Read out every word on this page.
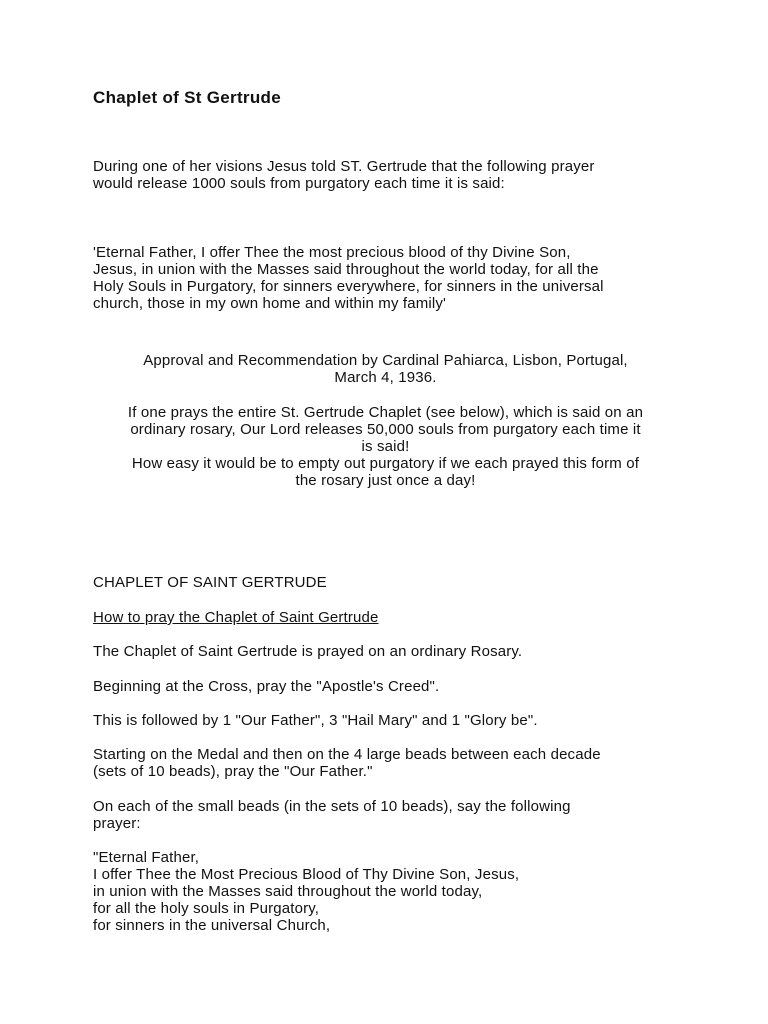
Chaplet of St Gertrude
During one of her visions Jesus told ST. Gertrude that the following prayer
would release 1000 souls from purgatory each time it is said:
'Eternal Father, I offer Thee the most precious blood of thy Divine Son,
Jesus, in union with the Masses said throughout the world today, for all the
Holy Souls in Purgatory, for sinners everywhere, for sinners in the universal
church, those in my own home and within my family'
Approval and Recommendation by Cardinal Pahiarca, Lisbon, Portugal,
March 4, 1936.
If one prays the entire St. Gertrude Chaplet (see below), which is said on an
ordinary rosary, Our Lord releases 50,000 souls from purgatory each time it
is said!
How easy it would be to empty out purgatory if we each prayed this form of
the rosary just once a day!
CHAPLET OF SAINT GERTRUDE
How to pray the Chaplet of Saint Gertrude
The Chaplet of Saint Gertrude is prayed on an ordinary Rosary.
Beginning at the Cross, pray the "Apostle's Creed".
This is followed by 1 "Our Father", 3 "Hail Mary" and 1 "Glory be".
Starting on the Medal and then on the 4 large beads between each decade
(sets of 10 beads), pray the "Our Father."
On each of the small beads (in the sets of 10 beads), say the following
prayer:
"Eternal Father,
I offer Thee the Most Precious Blood of Thy Divine Son, Jesus,
in union with the Masses said throughout the world today,
for all the holy souls in Purgatory,
for sinners in the universal Church,
